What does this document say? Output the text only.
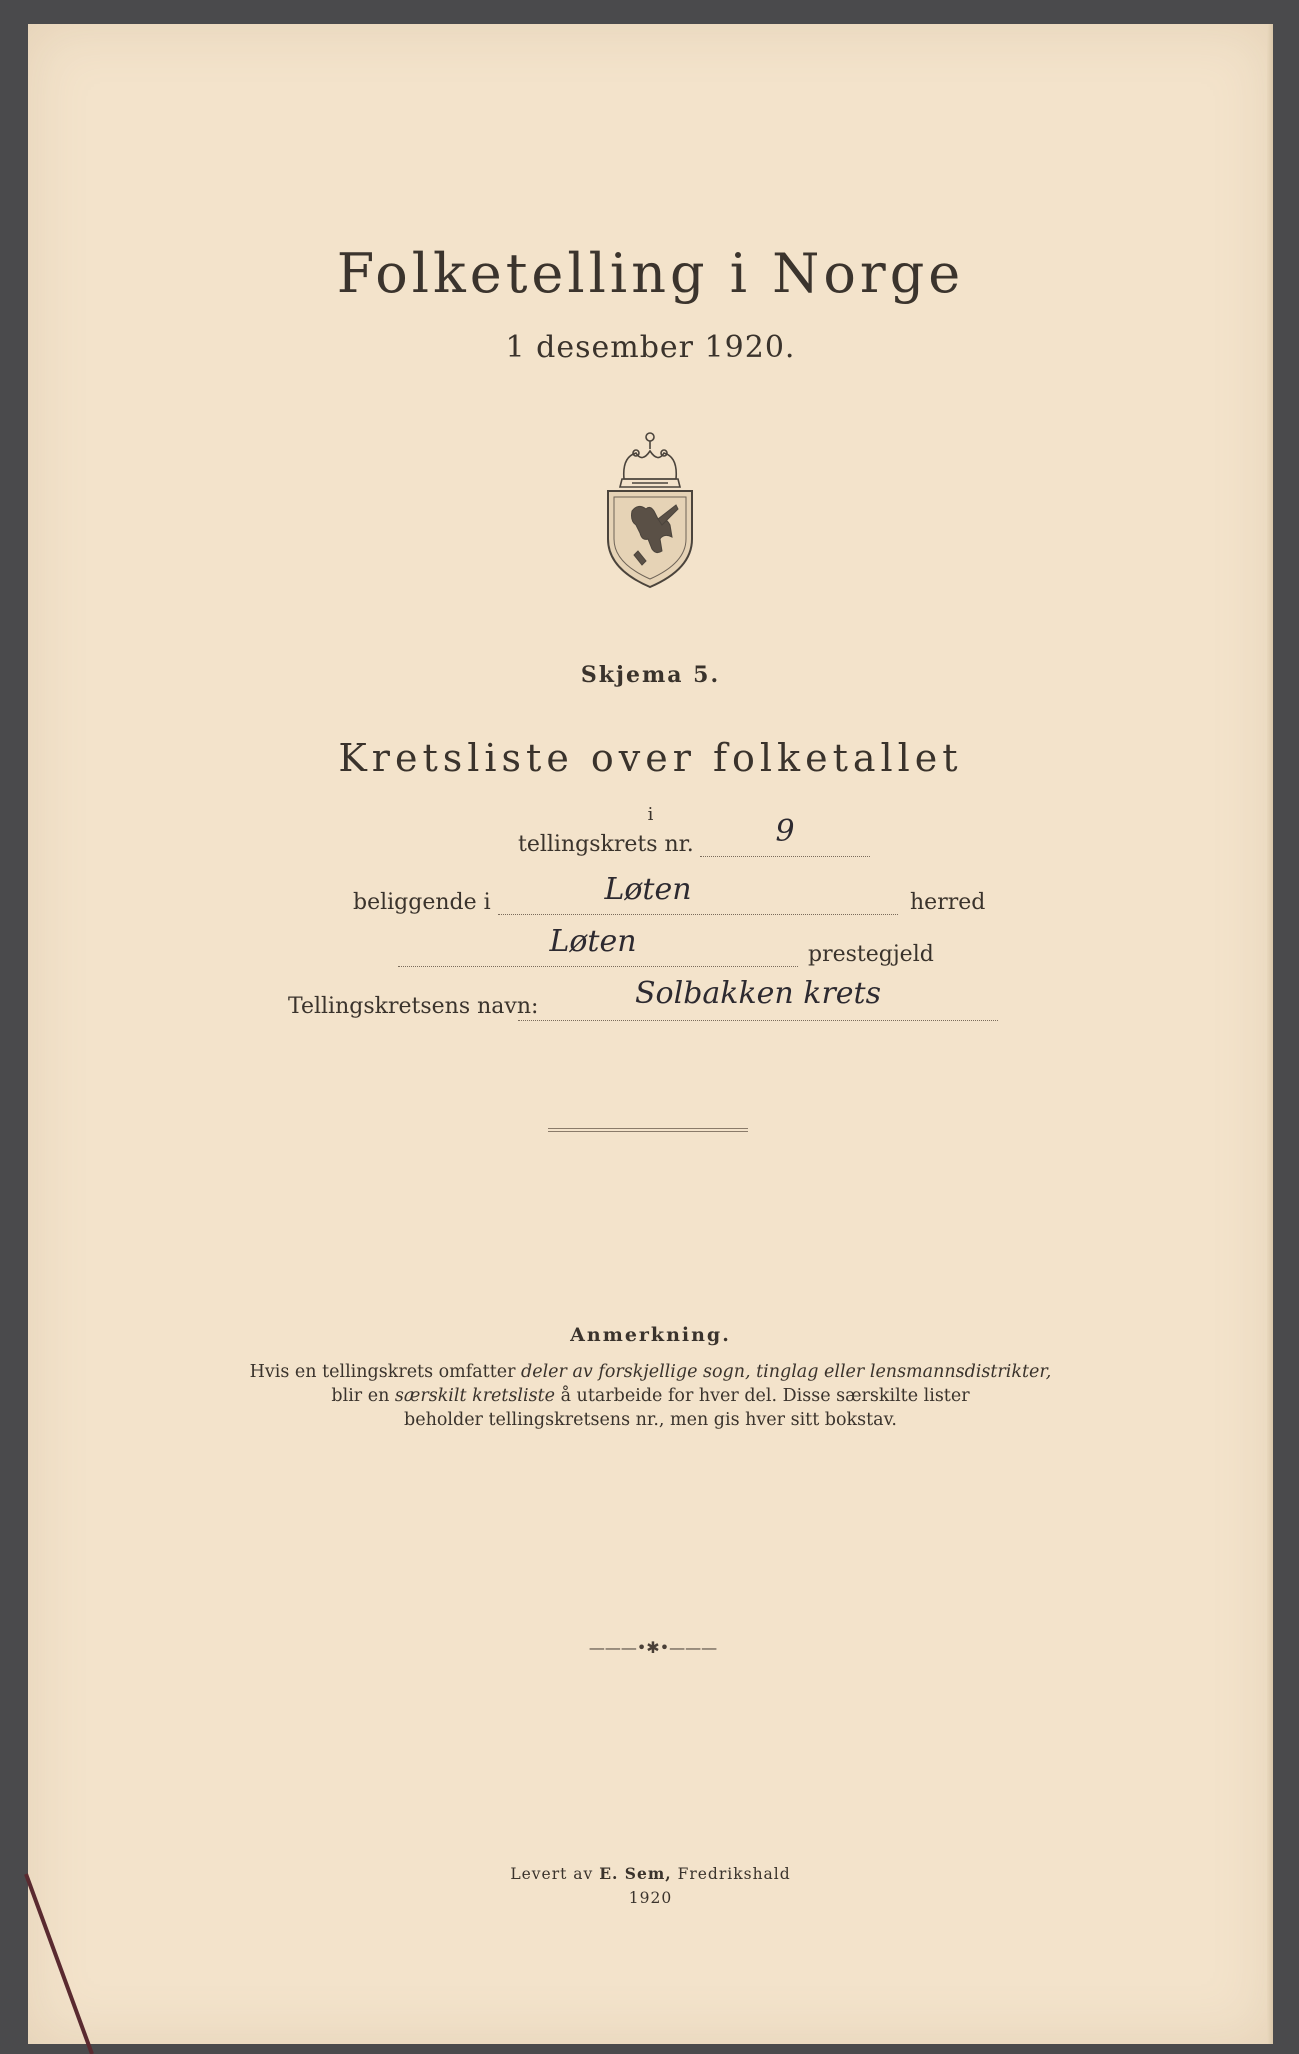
Folketelling i Norge
1 desember 1920.
Skjema 5.
Kretsliste over folketallet
i
tellingskrets nr.	9
beliggende i	Løten	herred
Løten	prestegjeld
Tellingskretsens navn:	Solbakken krets
Anmerkning.
Hvis en tellingskrets omfatter deler av forskjellige sogn, tinglag eller lensmannsdistrikter,
blir en særskilt kretsliste å utarbeide for hver del. Disse særskilte lister
beholder tellingskretsens nr., men gis hver sitt bokstav.
———•✱•———
Levert av E. Sem, Fredrikshald
1920
